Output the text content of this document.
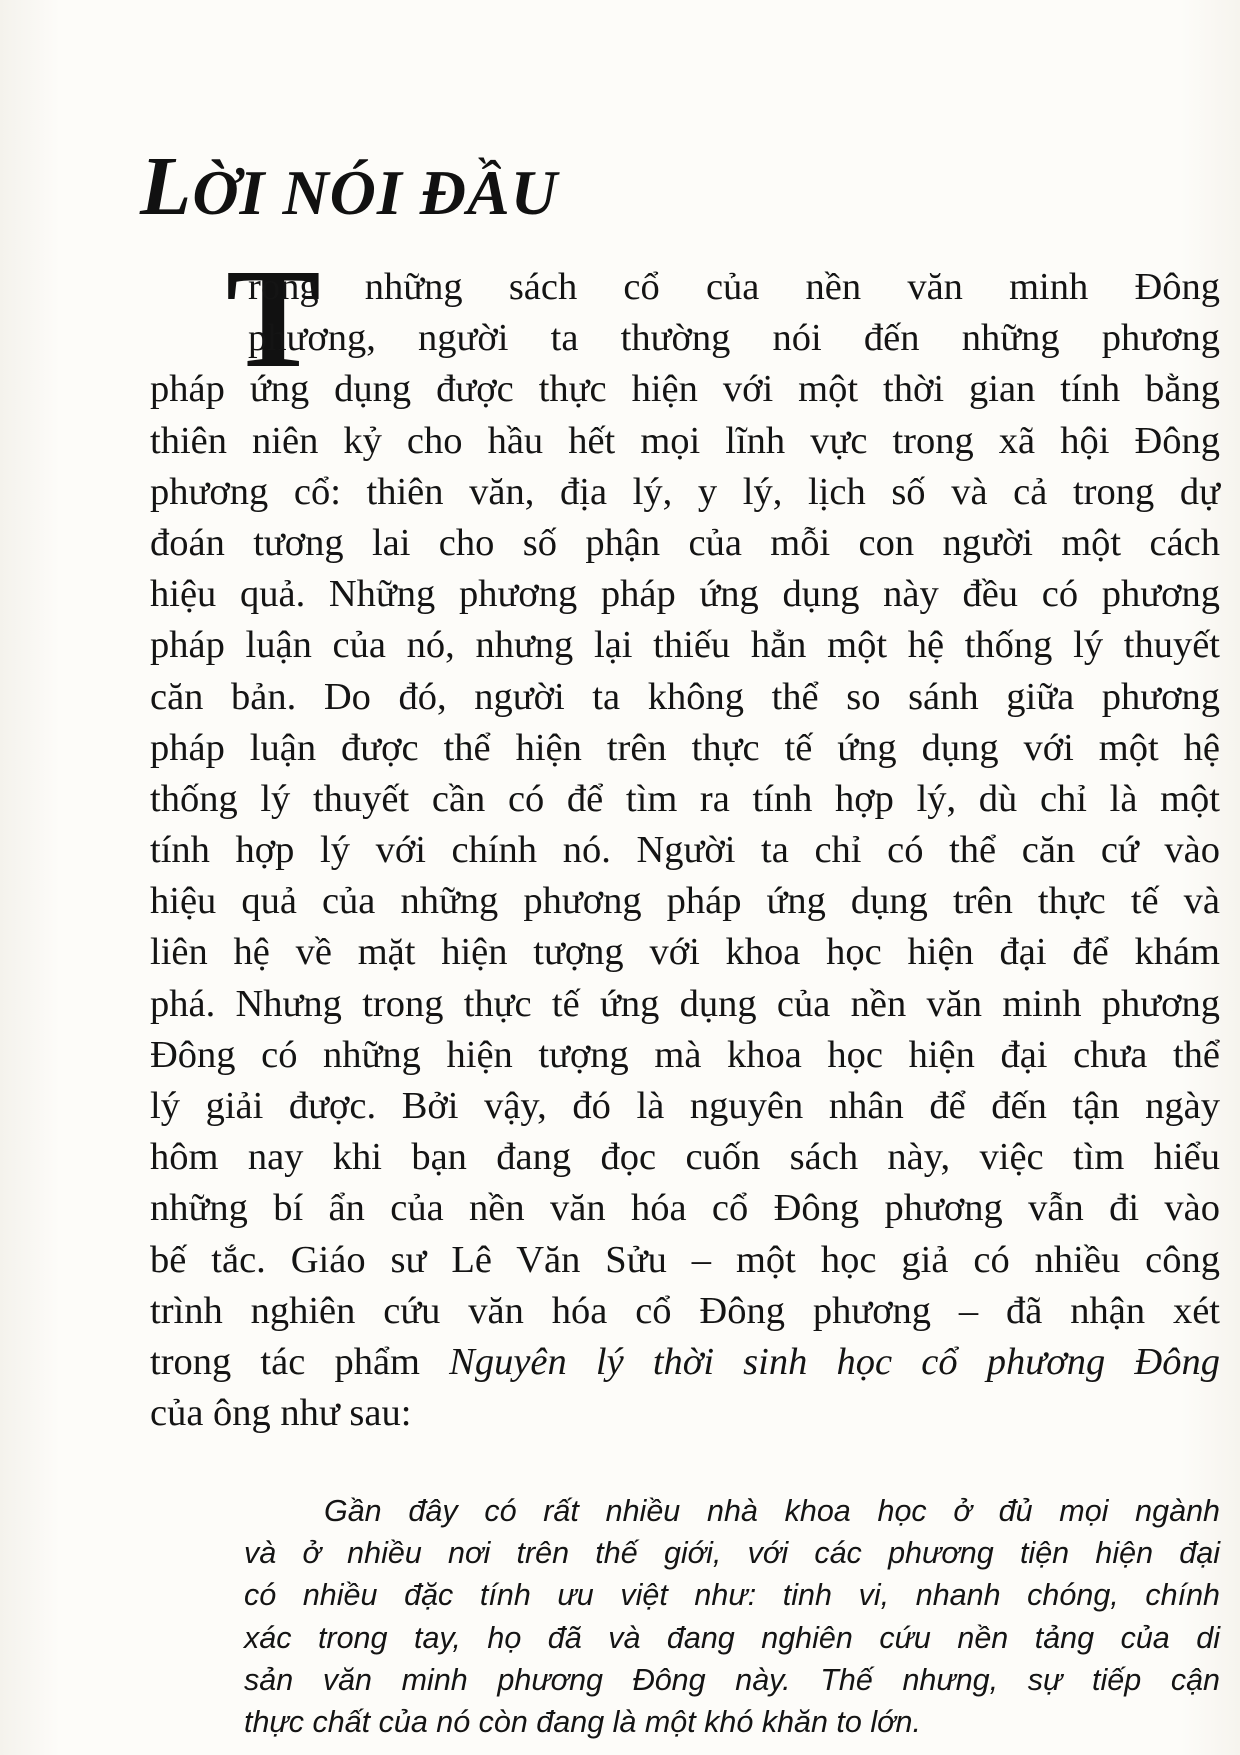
LỜI NÓI ĐẦU
T
rong những sách cổ của nền văn minh Đông
phương, người ta thường nói đến những phương
pháp ứng dụng được thực hiện với một thời gian tính bằng
thiên niên kỷ cho hầu hết mọi lĩnh vực trong xã hội Đông
phương cổ: thiên văn, địa lý, y lý, lịch số và cả trong dự
đoán tương lai cho số phận của mỗi con người một cách
hiệu quả. Những phương pháp ứng dụng này đều có phương
pháp luận của nó, nhưng lại thiếu hẳn một hệ thống lý thuyết
căn bản. Do đó, người ta không thể so sánh giữa phương
pháp luận được thể hiện trên thực tế ứng dụng với một hệ
thống lý thuyết cần có để tìm ra tính hợp lý, dù chỉ là một
tính hợp lý với chính nó. Người ta chỉ có thể căn cứ vào
hiệu quả của những phương pháp ứng dụng trên thực tế và
liên hệ về mặt hiện tượng với khoa học hiện đại để khám
phá. Nhưng trong thực tế ứng dụng của nền văn minh phương
Đông có những hiện tượng mà khoa học hiện đại chưa thể
lý giải được. Bởi vậy, đó là nguyên nhân để đến tận ngày
hôm nay khi bạn đang đọc cuốn sách này, việc tìm hiểu
những bí ẩn của nền văn hóa cổ Đông phương vẫn đi vào
bế tắc. Giáo sư Lê Văn Sửu – một học giả có nhiều công
trình nghiên cứu văn hóa cổ Đông phương – đã nhận xét
trong tác phẩm Nguyên lý thời sinh học cổ phương Đông
của ông như sau:
Gần đây có rất nhiều nhà khoa học ở đủ mọi ngành
và ở nhiều nơi trên thế giới, với các phương tiện hiện đại
có nhiều đặc tính ưu việt như: tinh vi, nhanh chóng, chính
xác trong tay, họ đã và đang nghiên cứu nền tảng của di
sản văn minh phương Đông này. Thế nhưng, sự tiếp cận
thực chất của nó còn đang là một khó khăn to lớn.
